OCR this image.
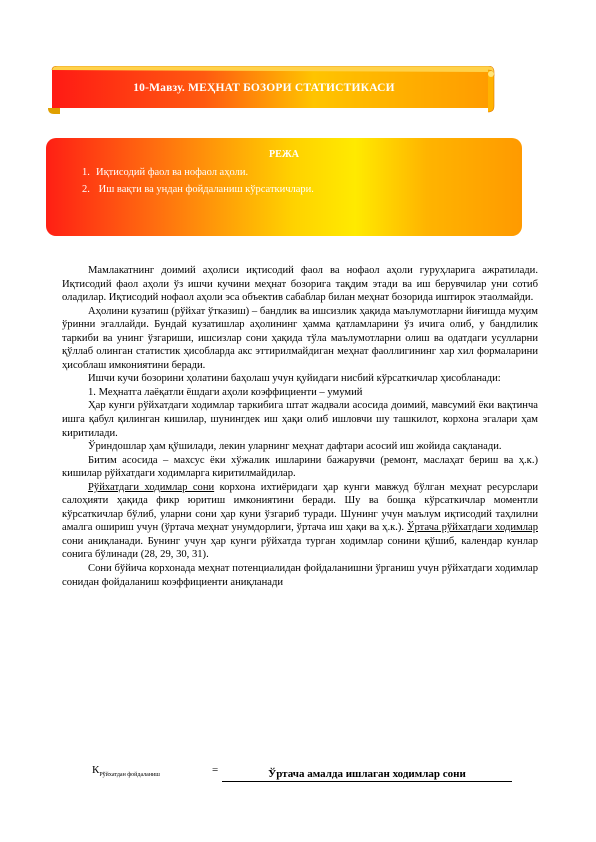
10-Мавзу. МЕҲНАТ БОЗОРИ СТАТИСТИКАСИ
РЕЖА
1. Иқтисодий фаол ва нофаол аҳоли.
2. Иш вақти ва ундан фойдаланиш кўрсаткичлари.

Мамлакатнинг доимий аҳолиси иқтисодий фаол ва нофаол аҳоли гуруҳларига ажратилади. Иқтисодий фаол аҳоли ўз ишчи кучини меҳнат бозорига тақдим этади ва иш берувчилар уни сотиб оладилар. Иқтисодий нофаол аҳоли эса объектив сабаблар билан меҳнат бозорида иштирок этаолмайди.

Аҳолини кузатиш (рўйхат ўтказиш) – бандлик ва ишсизлик ҳақида маълумотларни йиғишда муҳим ўринни эгаллайди. Бундай кузатишлар аҳолининг ҳамма қатламларини ўз ичига олиб, у бандлилик таркиби ва унинг ўзгариши, ишсизлар сони ҳақида тўла маълумотларни олиш ва одатдаги усулларни қўллаб олинган статистик ҳисобларда акс эттирилмайдиган меҳнат фаоллигининг хар хил формаларини ҳисоблаш имкониятини беради.

Ишчи кучи бозорини ҳолатини баҳолаш учун қуйидаги нисбий кўрсаткичлар ҳисобланади:

1. Меҳнатга лаёқатли ёшдаги аҳоли коэффициенти – умумий

Ҳар кунги рўйхатдаги ходимлар таркибига штат жадвали асосида доимий, мавсумий ёки вақтинча ишга қабул қилинган кишилар, шунингдек иш ҳақи олиб ишловчи шу ташкилот, корхона эгалари ҳам киритилади.

Ўриндошлар ҳам қўшилади, лекин уларнинг меҳнат дафтари асосий иш жойида сақланади.

Битим асосида – махсус ёки хўжалик ишларини бажарувчи (ремонт, маслаҳат бериш ва ҳ.к.) кишилар рўйхатдаги ходимларга киритилмайдилар.

Рўйхатдаги ходимлар сони корхона ихтиёридаги ҳар кунги мавжуд бўлган меҳнат ресурслари салоҳияти ҳақида фикр юритиш имкониятини беради. Шу ва бошқа кўрсаткичлар моментли кўрсаткичлар бўлиб, уларни сони ҳар куни ўзгариб туради. Шунинг учун маълум иқтисодий таҳлилни амалга ошириш учун (ўртача меҳнат унумдорлиги, ўртача иш ҳақи ва ҳ.к.). Ўртача рўйхатдаги ходимлар сони аниқланади. Бунинг учун ҳар кунги рўйхатда турган ходимлар сонини қўшиб, календар кунлар сонига бўлинади (28, 29, 30, 31).

Сони бўйича корхонада меҳнат потенциалидан фойдаланишни ўрганиш учун рўйхатдаги ходимлар сонидан фойдаланиш коэффициенти аниқланади

$К_{Рўйхатдан фойдаланиш}$	=	Ўртача амалда ишлаган ходимлар сони
